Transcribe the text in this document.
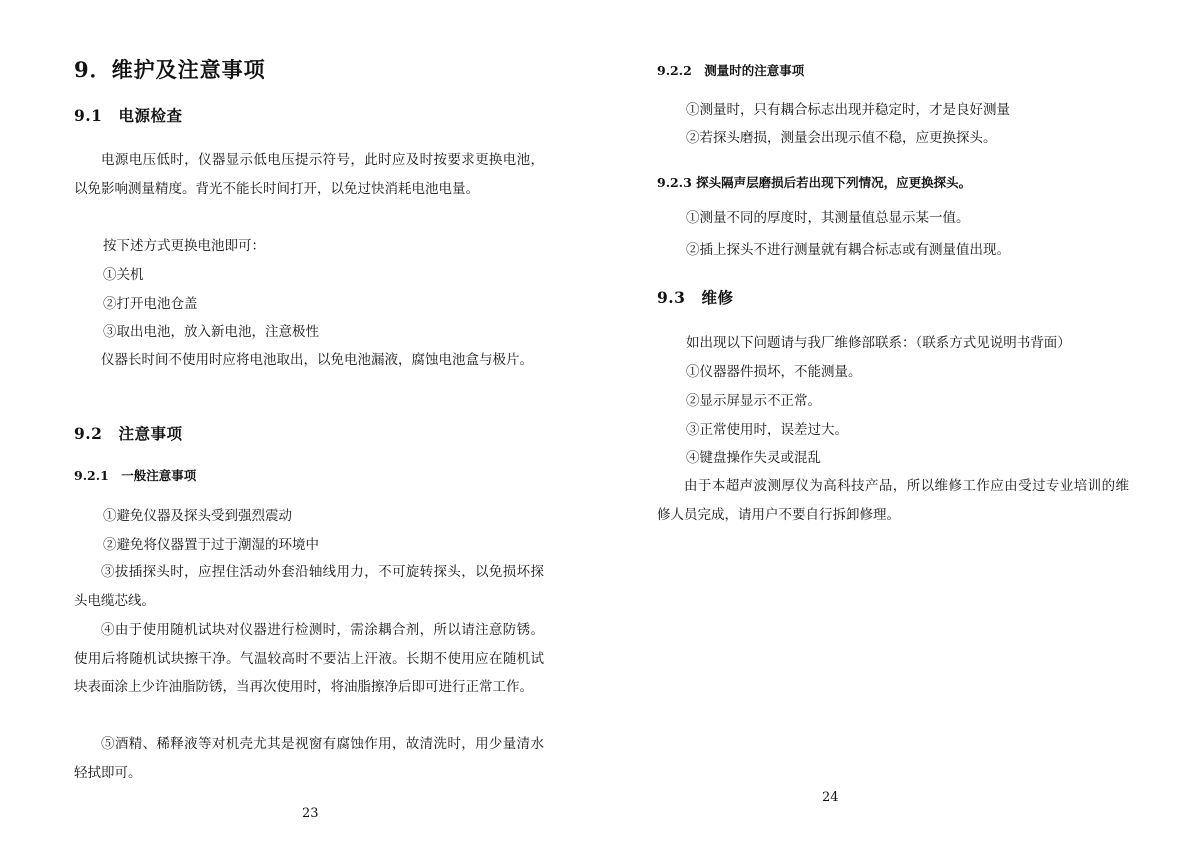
9．维护及注意事项
9.1　电源检查

电源电压低时，仪器显示低电压提示符号，此时应及时按要求更换电池，以免影响测量精度。背光不能长时间打开，以免过快消耗电池电量。

按下述方式更换电池即可：
①关机
②打开电池仓盖
③取出电池，放入新电池，注意极性

仪器长时间不使用时应将电池取出，以免电池漏液，腐蚀电池盒与极片。

9.2　注意事项
9.2.1　一般注意事项
①避免仪器及探头受到强烈震动
②避免将仪器置于过于潮湿的环境中

③拔插探头时，应捏住活动外套沿轴线用力，不可旋转探头，以免损坏探头电缆芯线。

④由于使用随机试块对仪器进行检测时，需涂耦合剂，所以请注意防锈。使用后将随机试块擦干净。气温较高时不要沾上汗液。长期不使用应在随机试块表面涂上少许油脂防锈，当再次使用时，将油脂擦净后即可进行正常工作。

⑤酒精、稀释液等对机壳尤其是视窗有腐蚀作用，故清洗时，用少量清水轻拭即可。

23
9.2.2　测量时的注意事项
①测量时，只有耦合标志出现并稳定时，才是良好测量
②若探头磨损，测量会出现示值不稳，应更换探头。
9.2.3 探头隔声层磨损后若出现下列情况，应更换探头。
①测量不同的厚度时，其测量值总显示某一值。
②插上探头不进行测量就有耦合标志或有测量值出现。
9.3　维修
如出现以下问题请与我厂维修部联系：（联系方式见说明书背面）
①仪器器件损坏，不能测量。
②显示屏显示不正常。
③正常使用时，误差过大。
④键盘操作失灵或混乱

由于本超声波测厚仪为高科技产品，所以维修工作应由受过专业培训的维修人员完成，请用户不要自行拆卸修理。

24
